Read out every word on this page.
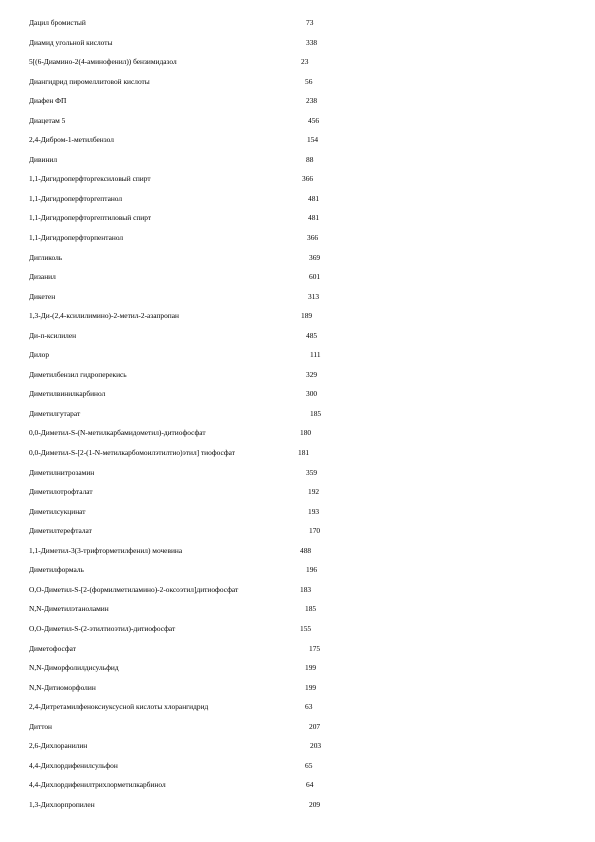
Дацил бромистый	73
Диамид угольной кислоты	338
5[(6-Диамино-2(4-аминофенил)) бензимидазол	23
Диангидрид пиромеллитовой кислоты	56
Диафен ФП	238
Диацетам 5	456
2,4-Дибром-1-метилбензол	154
Дивинил	88
1,1-Дигидроперфторгексиловый спирт	366
1,1-Дигидроперфторгептанол	481
1,1-Дигидроперфторгептиловый спирт	481
1,1-Дигидроперфторпентанол	366
Дигликоль	369
Дизанил	601
Дикетен	313
1,3-Ди-(2,4-ксилилимино)-2-метил-2-азапропан	189
Ди-п-ксилилен	485
Дилор	111
Диметилбензил гидроперекись	329
Диметилвинилкарбинол	300
Диметилгутарат	185
0,0-Диметил-S-(N-метилкарбамидометил)-дитиофосфат	180
0,0-Диметил-S-[2-(1-N-метилкарбомоилэтилтио)этил] тиофосфат	181
Диметилнитрозамин	359
Диметилотрофталат	192
Диметилсукцинат	193
Диметилтерефталат	170
1,1-Диметил-3(3-трифторметилфенил) мочевина	488
Диметилформаль	196
О,О-Диметил-S-[2-(формилметиламино)-2-оксоэтил]дитиофосфат	183
N,N-Диметилэтаноламин	185
О,О-Диметил-S-(2-этилтиоэтил)-дитиофосфат	155
Диметофосфат	175
N,N-Диморфолилдисульфид	199
N,N-Дитиоморфолин	199
2,4-Дитретамилфеноксиуксусной кислоты хлорангидрид	63
Диттон	207
2,6-Дихлоранилин	203
4,4-Дихлордифенилсульфон	65
4,4-Дихлордифенилтрихлорметилкарбинол	64
1,3-Дихлорпропилен	209
